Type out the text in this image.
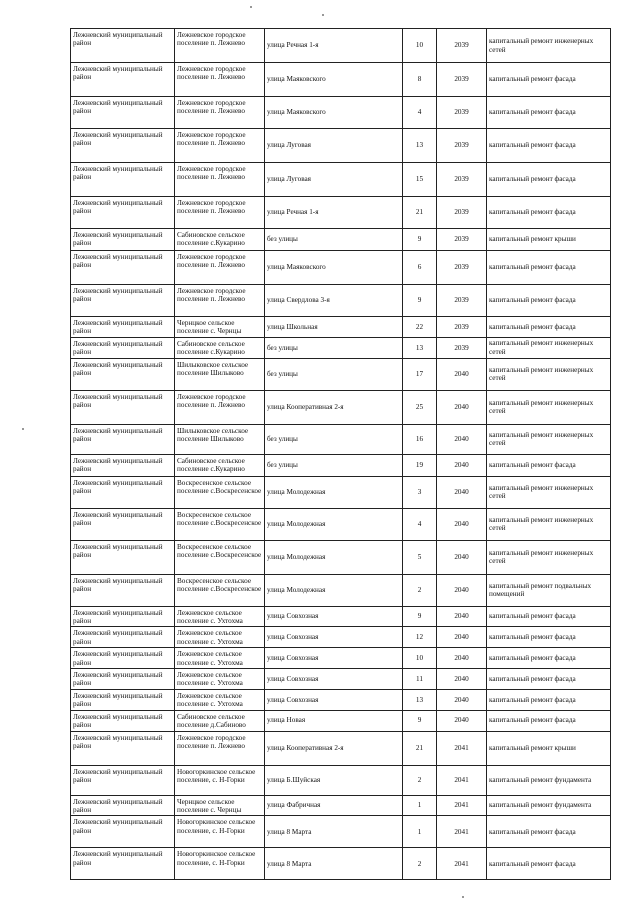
Лежневский муниципальный район	Лежневское городское поселение п. Лежнево	улица Речная 1-я	10	2039	капитальный ремонт инженерных сетей
Лежневский муниципальный район	Лежневское городское поселение п. Лежнево	улица Маяковского	8	2039	капитальный ремонт фасада
Лежневский муниципальный район	Лежневское городское поселение п. Лежнево	улица Маяковского	4	2039	капитальный ремонт фасада
Лежневский муниципальный район	Лежневское городское поселение п. Лежнево	улица Луговая	13	2039	капитальный ремонт фасада
Лежневский муниципальный район	Лежневское городское поселение п. Лежнево	улица Луговая	15	2039	капитальный ремонт фасада
Лежневский муниципальный район	Лежневское городское поселение п. Лежнево	улица Речная 1-я	21	2039	капитальный ремонт фасада
Лежневский муниципальный район	Сабиновское сельское поселение с.Кукарино	без улицы	9	2039	капитальный ремонт крыши
Лежневский муниципальный район	Лежневское городское поселение п. Лежнево	улица Маяковского	6	2039	капитальный ремонт фасада
Лежневский муниципальный район	Лежневское городское поселение п. Лежнево	улица Свердлова 3-я	9	2039	капитальный ремонт фасада
Лежневский муниципальный район	Чернцкое сельское поселение с. Чернцы	улица Школьная	22	2039	капитальный ремонт фасада
Лежневский муниципальный район	Сабиновское сельское поселение с.Кукарино	без улицы	13	2039	капитальный ремонт инженерных сетей
Лежневский муниципальный район	Шилыковское сельское поселение Шилыково	без улицы	17	2040	капитальный ремонт инженерных сетей
Лежневский муниципальный район	Лежневское городское поселение п. Лежнево	улица Кооперативная 2-я	25	2040	капитальный ремонт инженерных сетей
Лежневский муниципальный район	Шилыковское сельское поселение Шилыково	без улицы	16	2040	капитальный ремонт инженерных сетей
Лежневский муниципальный район	Сабиновское сельское поселение с.Кукарино	без улицы	19	2040	капитальный ремонт фасада
Лежневский муниципальный район	Воскресенское сельское поселение с.Воскресенское	улица Молодежная	3	2040	капитальный ремонт инженерных сетей
Лежневский муниципальный район	Воскресенское сельское поселение с.Воскресенское	улица Молодежная	4	2040	капитальный ремонт инженерных сетей
Лежневский муниципальный район	Воскресенское сельское поселение с.Воскресенское	улица Молодежная	5	2040	капитальный ремонт инженерных сетей
Лежневский муниципальный район	Воскресенское сельское поселение с.Воскресенское	улица Молодежная	2	2040	капитальный ремонт подвальных помещений
Лежневский муниципальный район	Лежневское сельское поселение с. Ухтохма	улица Совхозная	9	2040	капитальный ремонт фасада
Лежневский муниципальный район	Лежневское сельское поселение с. Ухтохма	улица Совхозная	12	2040	капитальный ремонт фасада
Лежневский муниципальный район	Лежневское сельское поселение с. Ухтохма	улица Совхозная	10	2040	капитальный ремонт фасада
Лежневский муниципальный район	Лежневское сельское поселение с. Ухтохма	улица Совхозная	11	2040	капитальный ремонт фасада
Лежневский муниципальный район	Лежневское сельское поселение с. Ухтохма	улица Совхозная	13	2040	капитальный ремонт фасада
Лежневский муниципальный район	Сабиновское сельское поселение д.Сабиново	улица Новая	9	2040	капитальный ремонт фасада
Лежневский муниципальный район	Лежневское городское поселение п. Лежнево	улица Кооперативная 2-я	21	2041	капитальный ремонт крыши
Лежневский муниципальный район	Новогоркинское сельское поселение, с. Н-Горки	улица Б.Шуйская	2	2041	капитальный ремонт фундамента
Лежневский муниципальный район	Чернцкое сельское поселение с. Чернцы	улица Фабричная	1	2041	капитальный ремонт фундамента
Лежневский муниципальный район	Новогоркинское сельское поселение, с. Н-Горки	улица 8 Марта	1	2041	капитальный ремонт фасада
Лежневский муниципальный район	Новогоркинское сельское поселение, с. Н-Горки	улица 8 Марта	2	2041	капитальный ремонт фасада
